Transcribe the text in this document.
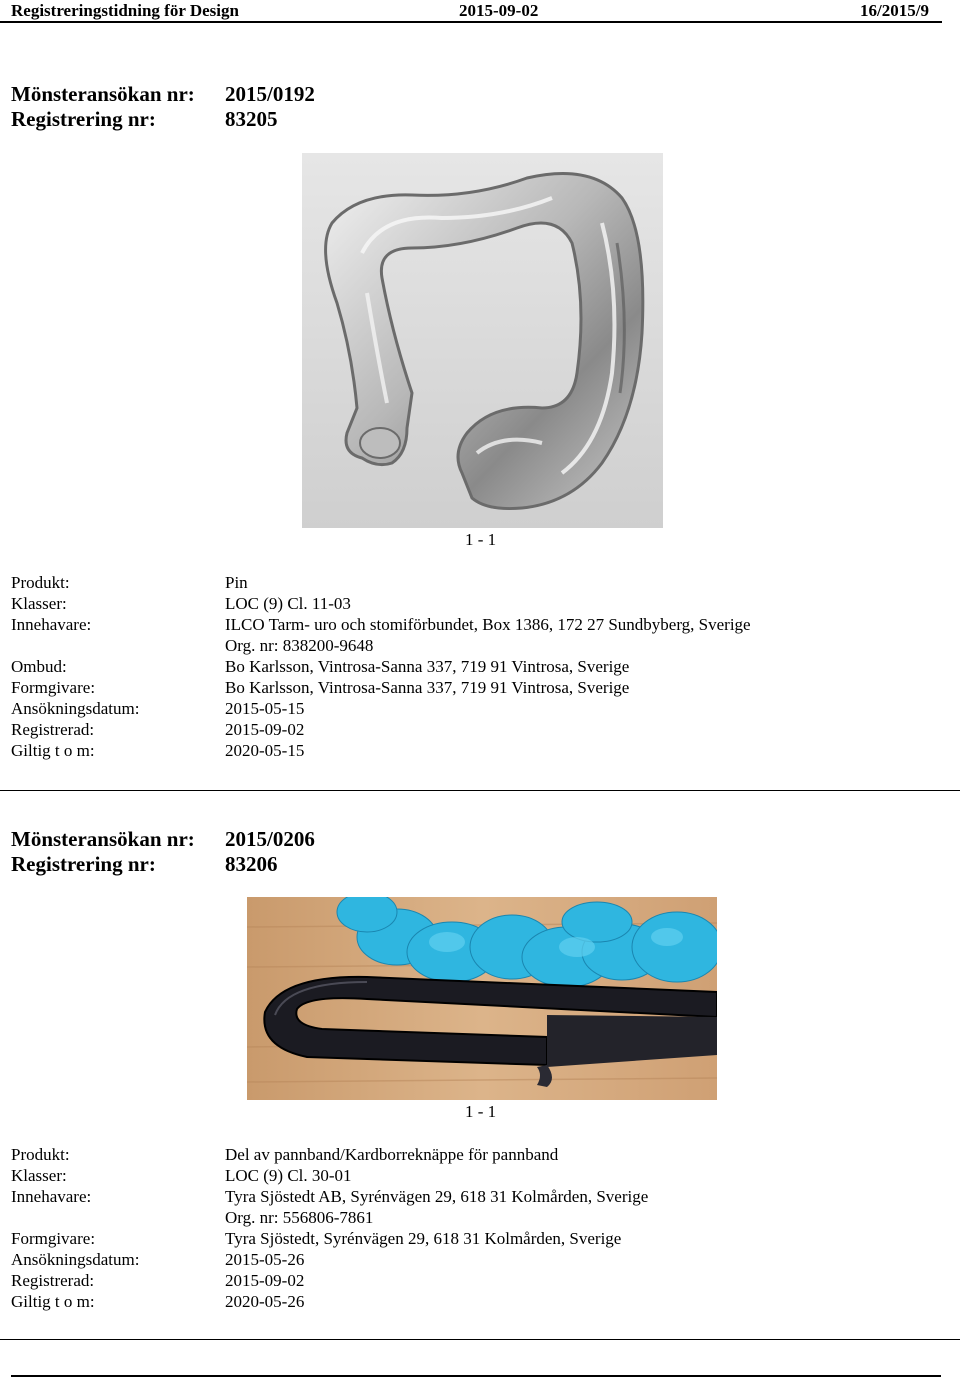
Registreringstidning för Design	2015-09-02	16/2015/9
Mönsteransökan nr: 2015/0192
Registrering nr:	83205
1 - 1
Produkt:	Pin
Klasser:	LOC (9) Cl. 11-03
Innehavare:	ILCO Tarm- uro och stomiförbundet, Box 1386, 172 27 Sundbyberg, Sverige
Org. nr: 838200-9648
Ombud:	Bo Karlsson, Vintrosa-Sanna 337, 719 91 Vintrosa, Sverige
Formgivare:	Bo Karlsson, Vintrosa-Sanna 337, 719 91 Vintrosa, Sverige
Ansökningsdatum:	2015-05-15
Registrerad:	2015-09-02
Giltig t o m:	2020-05-15
Mönsteransökan nr: 2015/0206
Registrering nr:	83206
1 - 1
Produkt:	Del av pannband/Kardborreknäppe för pannband
Klasser:	LOC (9) Cl. 30-01
Innehavare:	Tyra Sjöstedt AB, Syrénvägen 29, 618 31 Kolmården, Sverige
Org. nr: 556806-7861
Formgivare:	Tyra Sjöstedt, Syrénvägen 29, 618 31 Kolmården, Sverige
Ansökningsdatum:	2015-05-26
Registrerad:	2015-09-02
Giltig t o m:	2020-05-26
